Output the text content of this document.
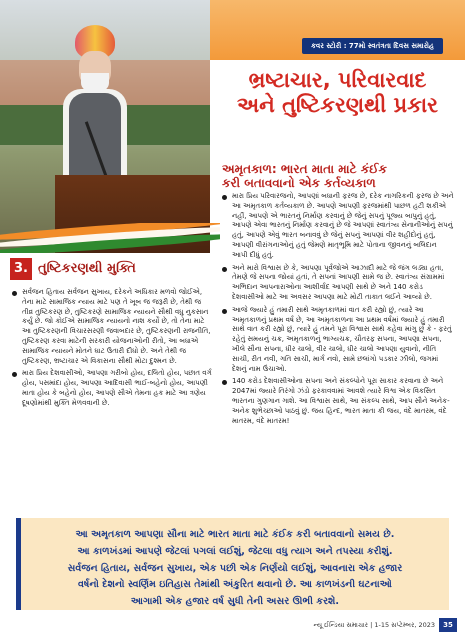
કવર સ્ટોરી : 77મો સ્વતંત્રતા દિવસ સમારોહ
ભ્રષ્ટાચાર, પરિવારવાદ
અને તુષ્ટિકરણથી પ્રકાર
અમૃતકાળ: ભારત માતા માટે કંઈક
કરી બતાવવાનો એક કર્તવ્યકાળ
મારા પ્રિય પરિવારજનો, આપણાં બધાની ફરજ છે, દરેક નાગરિકની ફરજ છે અને આ અમૃતકાળ કર્તવ્યકાળ છે. આપણે આપણી ફરજમાંથી પાછળ હટી શકીએ નહીં, આપણે એ ભારતનું નિર્માણ કરવાનું છે જેનું સપનું પૂજ્ય બાપુનું હતું, આપણે એવા ભારતનું નિર્માણ કરવાનું છે જે આપણાં સ્વાતંત્ર્ય સેનાનીઓનું સપનું હતું, આપણે એવું ભારત બનાવવું છે જેનું સપનું આપણાં વીર શહીદોનું હતું, આપણી વીરાંગનાઓનું હતું જેમણે માતૃભૂમિ માટે પોતાના જીવનનું બલિદાન આપી દીધું હતું.
અને મારો વિશ્વાસ છે કે, આપણા પૂર્વજોએ આઝાદી માટે જે જંગ લડ્યા હતા, તેમણે જે સપના જોયાં હતાં, તે સપનાં આપણી સામે જ છે. સ્વાતંત્ર્ય સંગ્રામમાં અભિદાન આપનારાઓના આશીર્વાદ આપણી સાથે છે અને 140 કરોડ દેશવાસીઓ માટે આ અવસર આપણા માટે મોટી તાકાત લઈને આવ્યો છે.
આજે જ્યારે હું તમારી સાથે અમૃતકાળમાં વાત કરી રહ્યો છું, ત્યારે આ અમૃતકાળનું પ્રથમ વર્ષ છે, આ અમૃતકાળના આ પ્રથમ વર્ષમાં જ્યારે હું તમારી સાથે વાત કરી રહ્યો છું, ત્યારે હું તમને પૂરા વિશ્વાસ સાથે કહેવા માંગુ છું કે - ફરતું રહેતું સમયનું ચક્ર, અમૃતકાળનું ભાગ્યચક્ર, ચૌતરફ સપના, આપણા સપના, ખીલે સૌના સપના, ધીર ચાલો, વીર ચાલો, ધીર ચાલો આપણા યુવાનો, નીતિ સાચી, રીત નવી, ગતિ સાચી, માર્ગ નવો, સામે છલાંગો પડકાર ઝીલો, જગમાં દેશનું નામ ઉંચાઓ.
140 કરોડ દેશવાસીઓના સપના અને સંકલ્પોને પૂરા સાકાર કરવાના છે અને 2047માં જ્યારે તિરંગો ઝંડો ફરકાવવામાં આવશે ત્યારે વિશ્વ એક વિકસિત ભારતના ગુણગાન ગાશે. આ વિશ્વાસ સાથે, આ સંકલ્પ સાથે, આપ સૌને અનેક-અનેક શુભેચ્છાઓ પાઠવું છું. જય હિન્દ, ભારત માતા કી જય, વંદે માતરમ, વંદે માતરમ, વંદે માતરમ!
3. તુષ્ટિકરણથી મુક્તિ
સર્વજન હિતાય સર્વજન સુખાય, દરેકને અધિકાર મળવો જોઈએ, તેના માટે સામાજિક ન્યાય માટે પણ તે ખૂબ જ જરૂરી છે, તેથી જ તીવ્ર તુષ્ટિકરણ છે, તુષ્ટિકરણે સામાજિક ન્યાયને સૌથી વધુ નુકસાન કર્યું છે. જો કોઈએ સામાજિક ન્યાયનો નાશ કર્યો છે, તો તેના માટે આ તુષ્ટિકરણની વિચારસરણી જવાબદાર છે, તુષ્ટિકરણની રાજનીતિ, તુષ્ટિકરણ કરવા માટેની સરકારી યોજનાઓની રીતો, આ બધાએ સામાજિક ન્યાયને મોતને ઘાટ ઉતારી દીધો છે. અને તેથી જ તુષ્ટિકરણ, ભ્રષ્ટાચાર એ વિકાસના સૌથી મોટા દુશ્મન છે.
મારા પ્રિય દેશવાસીઓ, આપણા ગરીબો હોય, દલિતો હોય, પછાત વર્ગ હોય, પસમાંદા હોય, આપણા આદિવાસી ભાઈ-બહેનો હોય, આપણી માતા હોય કે બહેનો હોય, આપણે સૌએ તેમના હક માટે આ ત્રણેય દૂષણોમાંથી મુક્તિ મેળવવાની છે.
આ અમૃતકાળ આપણા સૌના માટે ભારત માતા માટે કંઈક કરી બતાવવાનો સમય છે.
આ કાળખંડમાં આપણે જેટલાં પગલાં લઈશું, જેટલા વધુ ત્યાગ અને તપસ્યા કરીશું.
સર્વજન હિતાય, સર્વજન સુખાય, એક પછી એક નિર્ણયો લઈશું, આવનારા એક હજાર
વર્ષનો દેશનો સ્વર્ણિમ ઇતિહાસ તેમાંથી અંકુરિત થવાનો છે. આ કાળખંડની ઘટનાઓ
આગામી એક હજાર વર્ષ સુધી તેની અસર ઊભી કરશે.
ન્યૂ ઈન્ડિયા સમાચાર | 1-15 સપ્ટેમ્બર, 2023	35
